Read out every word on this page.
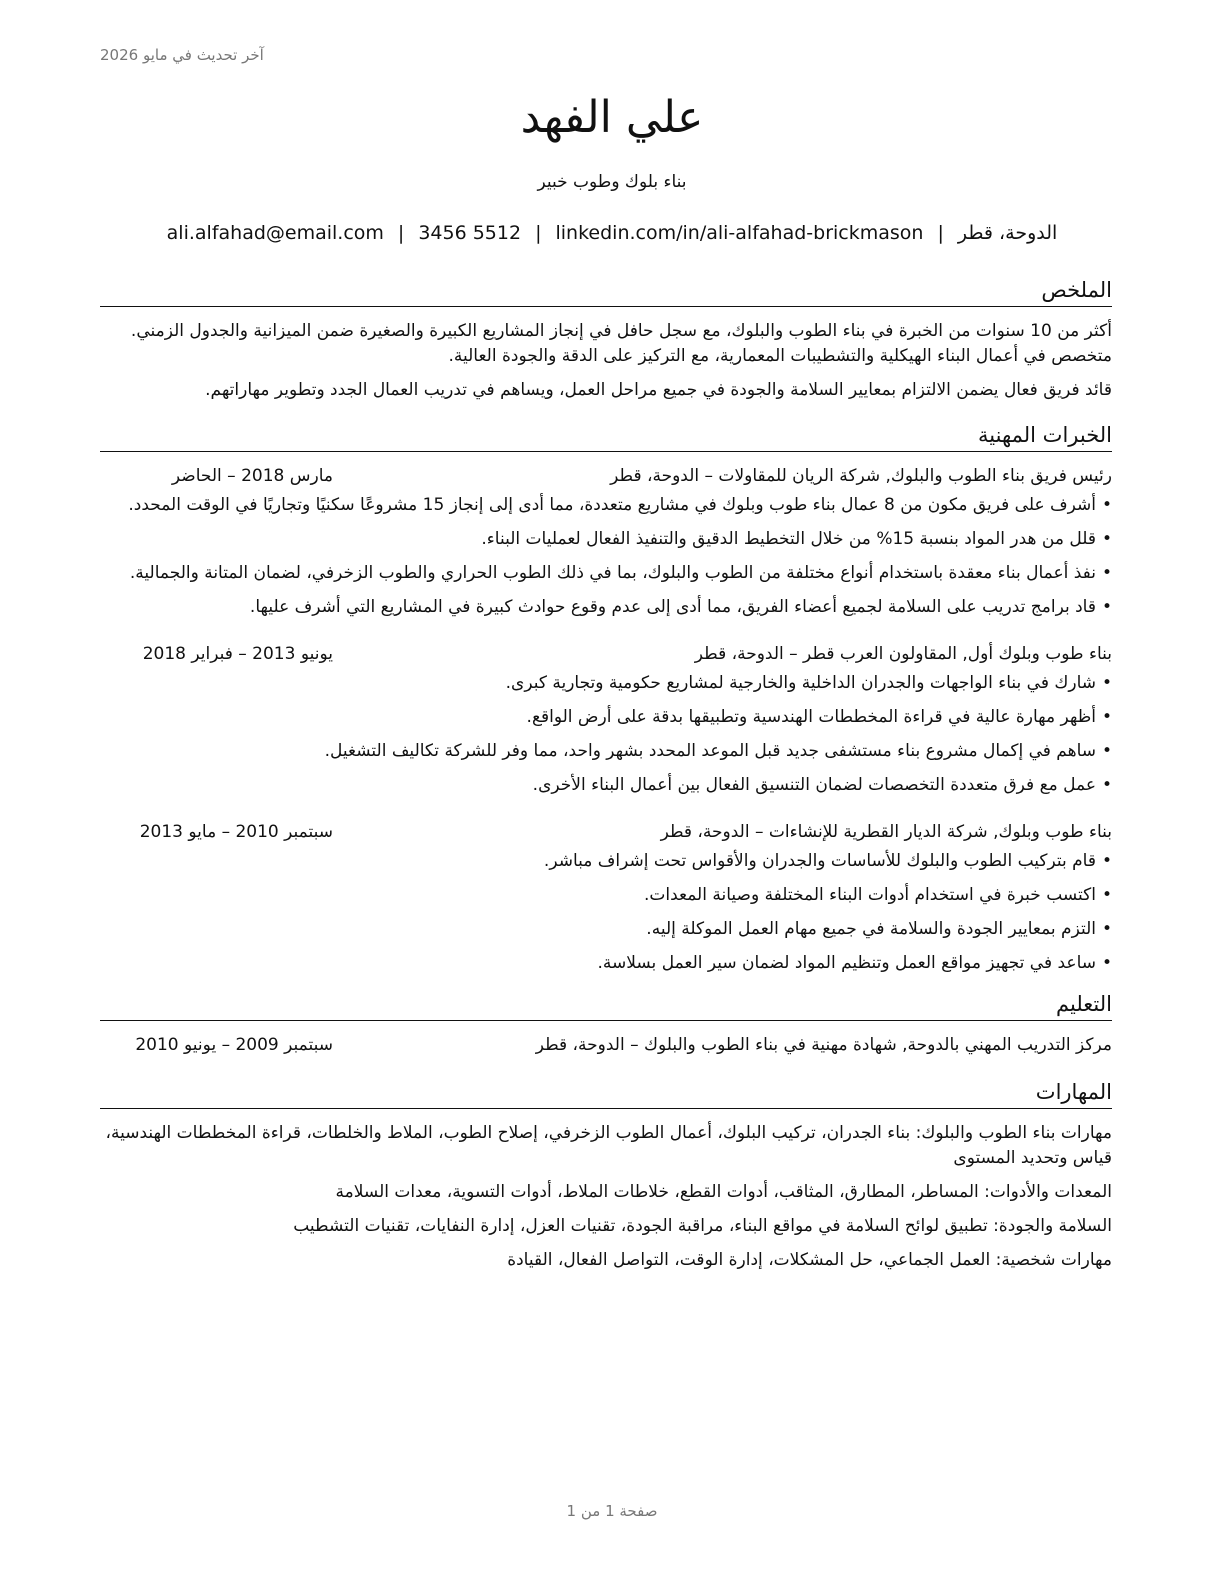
آخر تحديث في مايو 2026
علي الفهد
بناء بلوك وطوب خبير
الدوحة، قطر|ali.alfahad@email.com | 3456 5512 | linkedin.com/in/ali-alfahad-brickmason
الملخص

أكثر من 10 سنوات من الخبرة في بناء الطوب والبلوك، مع سجل حافل في إنجاز المشاريع الكبيرة والصغيرة ضمن الميزانية والجدول الزمني. متخصص في أعمال البناء الهيكلية والتشطيبات المعمارية، مع التركيز على الدقة والجودة العالية.

قائد فريق فعال يضمن الالتزام بمعايير السلامة والجودة في جميع مراحل العمل، ويساهم في تدريب العمال الجدد وتطوير مهاراتهم.

الخبرات المهنية
رئيس فريق بناء الطوب والبلوك, شركة الريان للمقاولات – الدوحة، قطر
مارس 2018 – الحاضر
• أشرف على فريق مكون من 8 عمال بناء طوب وبلوك في مشاريع متعددة، مما أدى إلى إنجاز 15 مشروعًا سكنيًا وتجاريًا في الوقت المحدد.
• قلل من هدر المواد بنسبة 15% من خلال التخطيط الدقيق والتنفيذ الفعال لعمليات البناء.
• نفذ أعمال بناء معقدة باستخدام أنواع مختلفة من الطوب والبلوك، بما في ذلك الطوب الحراري والطوب الزخرفي، لضمان المتانة والجمالية.
• قاد برامج تدريب على السلامة لجميع أعضاء الفريق، مما أدى إلى عدم وقوع حوادث كبيرة في المشاريع التي أشرف عليها.
بناء طوب وبلوك أول, المقاولون العرب قطر – الدوحة، قطر
يونيو 2013 – فبراير 2018
• شارك في بناء الواجهات والجدران الداخلية والخارجية لمشاريع حكومية وتجارية كبرى.
• أظهر مهارة عالية في قراءة المخططات الهندسية وتطبيقها بدقة على أرض الواقع.
• ساهم في إكمال مشروع بناء مستشفى جديد قبل الموعد المحدد بشهر واحد، مما وفر للشركة تكاليف التشغيل.
• عمل مع فرق متعددة التخصصات لضمان التنسيق الفعال بين أعمال البناء الأخرى.
بناء طوب وبلوك, شركة الديار القطرية للإنشاءات – الدوحة، قطر
سبتمبر 2010 – مايو 2013
• قام بتركيب الطوب والبلوك للأساسات والجدران والأقواس تحت إشراف مباشر.
• اكتسب خبرة في استخدام أدوات البناء المختلفة وصيانة المعدات.
• التزم بمعايير الجودة والسلامة في جميع مهام العمل الموكلة إليه.
• ساعد في تجهيز مواقع العمل وتنظيم المواد لضمان سير العمل بسلاسة.
التعليم
مركز التدريب المهني بالدوحة, شهادة مهنية في بناء الطوب والبلوك – الدوحة، قطر
سبتمبر 2009 – يونيو 2010
المهارات

مهارات بناء الطوب والبلوك: بناء الجدران، تركيب البلوك، أعمال الطوب الزخرفي، إصلاح الطوب، الملاط والخلطات، قراءة المخططات الهندسية، قياس وتحديد المستوى

المعدات والأدوات: المساطر، المطارق، المثاقب، أدوات القطع، خلاطات الملاط، أدوات التسوية، معدات السلامة

السلامة والجودة: تطبيق لوائح السلامة في مواقع البناء، مراقبة الجودة، تقنيات العزل، إدارة النفايات، تقنيات التشطيب

مهارات شخصية: العمل الجماعي، حل المشكلات، إدارة الوقت، التواصل الفعال، القيادة

صفحة 1 من 1
